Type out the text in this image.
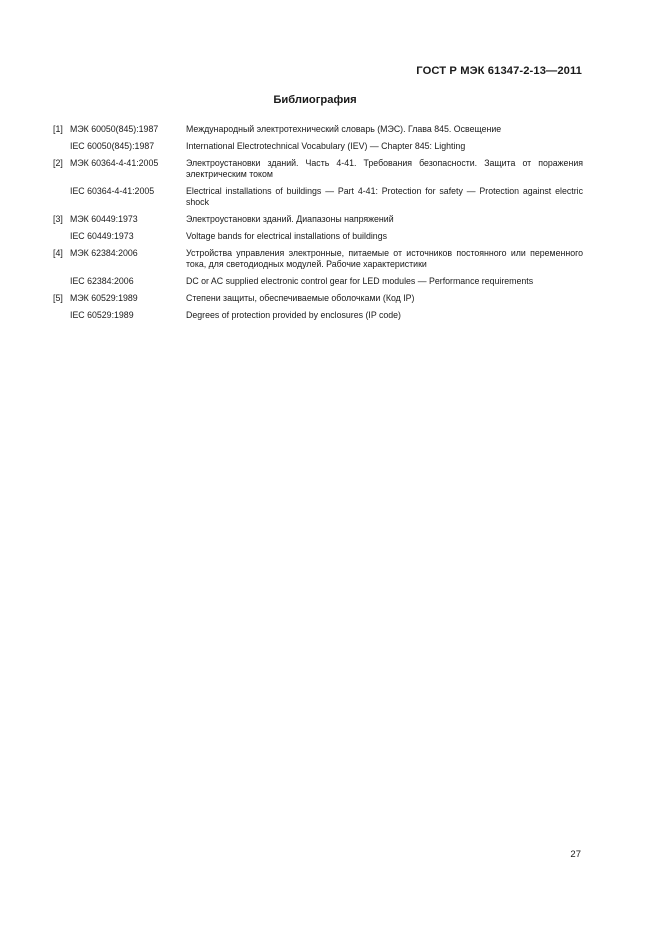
ГОСТ Р МЭК 61347-2-13—2011
Библиография
[1] МЭК 60050(845):1987	Международный электротехнический словарь (МЭС). Глава 845. Освещение
IEC 60050(845):1987	International Electrotechnical Vocabulary (IEV) — Chapter 845: Lighting
[2] МЭК 60364-4-41:2005	Электроустановки зданий. Часть 4-41. Требования безопасности. Защита от поражения электрическим током
IEC 60364-4-41:2005	Electrical installations of buildings — Part 4-41: Protection for safety — Protection against electric shock
[3] МЭК 60449:1973	Электроустановки зданий. Диапазоны напряжений
IEC 60449:1973	Voltage bands for electrical installations of buildings
[4] МЭК 62384:2006	Устройства управления электронные, питаемые от источников постоянного или переменного тока, для светодиодных модулей. Рабочие характеристики
IEC 62384:2006	DC or AC supplied electronic control gear for LED modules — Performance requirements
[5] МЭК 60529:1989	Степени защиты, обеспечиваемые оболочками (Код IP)
IEC 60529:1989	Degrees of protection provided by enclosures (IP code)
27
